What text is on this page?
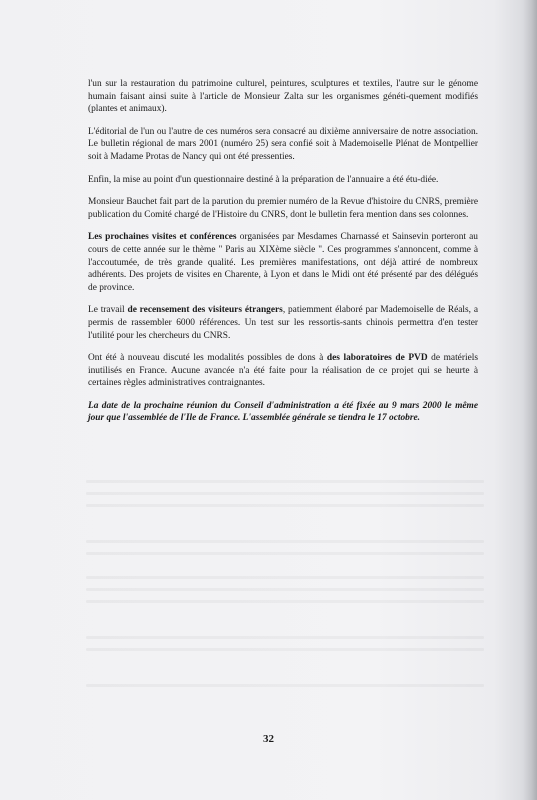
l'un sur la restauration du patrimoine culturel, peintures, sculptures et textiles, l'autre sur le génome humain faisant ainsi suite à l'article de Monsieur Zalta sur les organismes généti-quement modifiés (plantes et animaux).

L'éditorial de l'un ou l'autre de ces numéros sera consacré au dixième anniversaire de notre association. Le bulletin régional de mars 2001 (numéro 25) sera confié soit à Mademoiselle Plénat de Montpellier soit à Madame Protas de Nancy qui ont été pressenties.

Enfin, la mise au point d'un questionnaire destiné à la préparation de l'annuaire a été étu-diée.

Monsieur Bauchet fait part de la parution du premier numéro de la Revue d'histoire du CNRS, première publication du Comité chargé de l'Histoire du CNRS, dont le bulletin fera mention dans ses colonnes.

Les prochaines visites et conférences organisées par Mesdames Charnassé et Sainsevin porteront au cours de cette année sur le thème " Paris au XIXème siècle ". Ces programmes s'annoncent, comme à l'accoutumée, de très grande qualité. Les premières manifestations, ont déjà attiré de nombreux adhérents. Des projets de visites en Charente, à Lyon et dans le Midi ont été présenté par des délégués de province.

Le travail de recensement des visiteurs étrangers, patiemment élaboré par Mademoiselle de Réals, a permis de rassembler 6000 références. Un test sur les ressortis-sants chinois permettra d'en tester l'utilité pour les chercheurs du CNRS.

Ont été à nouveau discuté les modalités possibles de dons à des laboratoires de PVD de matériels inutilisés en France. Aucune avancée n'a été faite pour la réalisation de ce projet qui se heurte à certaines règles administratives contraignantes.

La date de la prochaine réunion du Conseil d'administration a été fixée au 9 mars 2000 le même jour que l'assemblée de l'Ile de France. L'assemblée générale se tiendra le 17 octobre.

32
